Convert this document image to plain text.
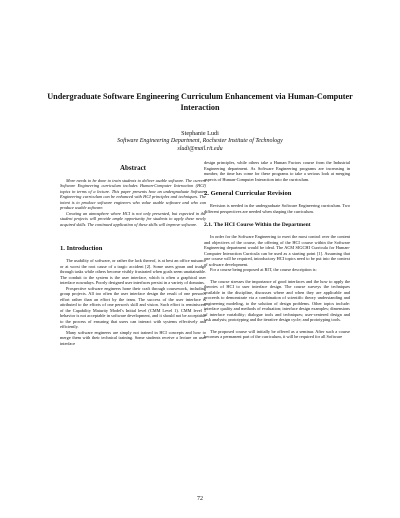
Undergraduate Software Engineering Curriculum Enhancement via Human-Computer Interaction
Stephanie Ludi
Software Engineering Department, Rochester Institute of Technology
sludi@mail.rit.edu
Abstract

More needs to be done to train students to deliver usable software. The current Software Engineering curriculum includes Human-Computer Interaction (HCI) topics in terms of a lecture. This paper presents how an undergraduate Software Engineering curriculum can be enhanced with HCI principles and techniques. The intent is to produce software engineers who value usable software and who can produce usable software.

Creating an atmosphere where HCI is not only presented, but expected in the student projects will provide ample opportunity for students to apply these newly acquired skills. The continued application of these skills will improve software.

1. Introduction

The usability of software, or rather the lack thereof, is at best an office nuisance or at worst the root cause of a tragic accident [2]. Some users groan and trudge through tasks while others become visibly frustrated when goals seem unattainable. The conduit to the system is the user interface, which is often a graphical user interface nowadays. Poorly designed user interfaces persist in a variety of domains.

Prospective software engineers hone their craft through coursework, including group projects. All too often the user interface design the result of one person's effort rather than an effort by the team. The success of the user interface is attributed to the efforts of one person's skill and vision. Such effort is reminiscent of the Capability Maturity Model's Initial level (CMM Level 1). CMM level 1 behavior is not acceptable in software development, and it should not be acceptable to the process of ensuring that users can interact with systems effectively and efficiently.

Many software engineers are simply not trained in HCI concepts and how to merge them with their technical training. Some students receive a lecture on user interface

design principles, while others take a Human Factors course from the Industrial Engineering department. As Software Engineering programs are increasing in number, the time has come for these programs to take a serious look at merging aspects of Human-Computer Interaction into the curriculum.

2. General Curricular Revision

Revision is needed in the undergraduate Software Engineering curriculum. Two different perspectives are needed when shaping the curriculum.

2.1. The HCI Course Within the Department

In order for the Software Engineering to exert the most control over the content and objectives of the course, the offering of the HCI course within the Software Engineering department would be ideal. The ACM SIGCHI Curricula for Human-Computer Interaction Curricula can be used as a starting point [1]. Assuming that one course will be required, introductory HCI topics need to be put into the context of software development.

For a course being proposed at RIT, the course description is:

The course stresses the importance of good interfaces and the how to apply the theories of HCI to user interface design. The course surveys the techniques available in the discipline, discusses where and when they are applicable and proceeds to demonstrate via a combination of scientific theory understanding and engineering modeling, to the solution of design problems. Other topics include: interface quality and methods of evaluation; interface design examples; dimensions of interface variability; dialogue tools and techniques; user-centered design and task analysis; prototyping and the iterative design cycle; and prototyping tools.

The proposed course will initially be offered as a seminar. After such a course becomes a permanent part of the curriculum, it will be required for all Software

72
